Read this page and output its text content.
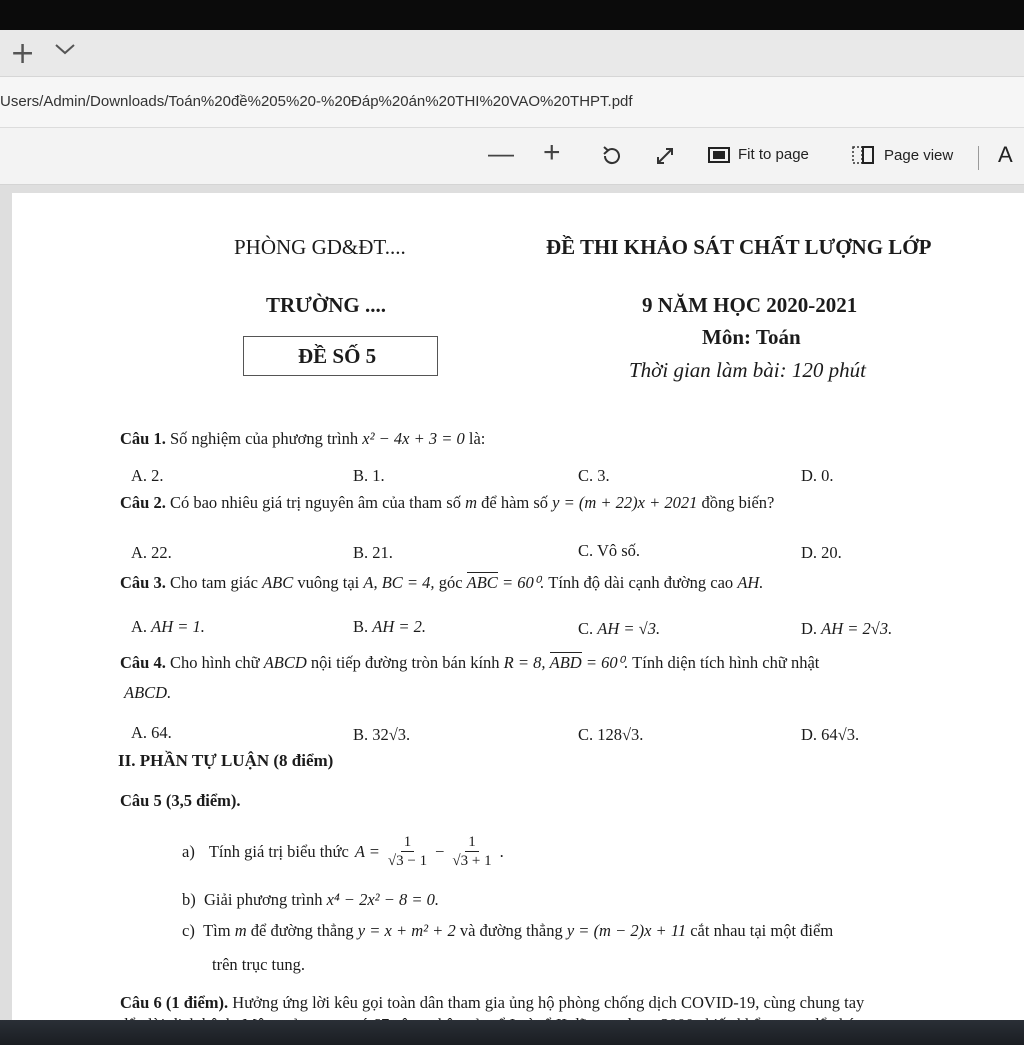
+
Users/Admin/Downloads/Toán%20đề%205%20-%20Đáp%20án%20THI%20VAO%20THPT.pdf
— +	Fit to page	Page view A
PHÒNG GD&ĐT....
TRƯỜNG ....
ĐỀ SỐ 5
ĐỀ THI KHẢO SÁT CHẤT LƯỢNG LỚP
9 NĂM HỌC 2020-2021
Môn: Toán
Thời gian làm bài: 120 phút
Câu 1. Số nghiệm của phương trình x² − 4x + 3 = 0 là:
A. 2.	B. 1.	C. 3.	D. 0.
Câu 2. Có bao nhiêu giá trị nguyên âm của tham số m để hàm số y = (m + 22)x + 2021 đồng biến?
A. 22.	B. 21.	C. Vô số.	D. 20.
Câu 3. Cho tam giác ABC vuông tại A, BC = 4, góc ABC = 60⁰. Tính độ dài cạnh đường cao AH.
A. AH = 1.	B. AH = 2.	C. AH = √3.	D. AH = 2√3.
Câu 4. Cho hình chữ ABCD nội tiếp đường tròn bán kính R = 8, ABD = 60⁰. Tính diện tích hình chữ nhật
ABCD.
A. 64.	B. 32√3.	C. 128√3.	D. 64√3.
II. PHẦN TỰ LUẬN (8 điểm)
Câu 5 (3,5 điểm).
a) Tính giá trị biểu thức $A = \frac{1}{√3 - 1} - \frac{1}{√3 + 1}$ .
b) Giải phương trình x⁴ − 2x² − 8 = 0.
c) Tìm m để đường thẳng y = x + m² + 2 và đường thẳng y = (m − 2)x + 11 cắt nhau tại một điểm
trên trục tung.
Câu 6 (1 điểm). Hưởng ứng lời kêu gọi toàn dân tham gia ủng hộ phòng chống dịch COVID-19, cùng chung tay
